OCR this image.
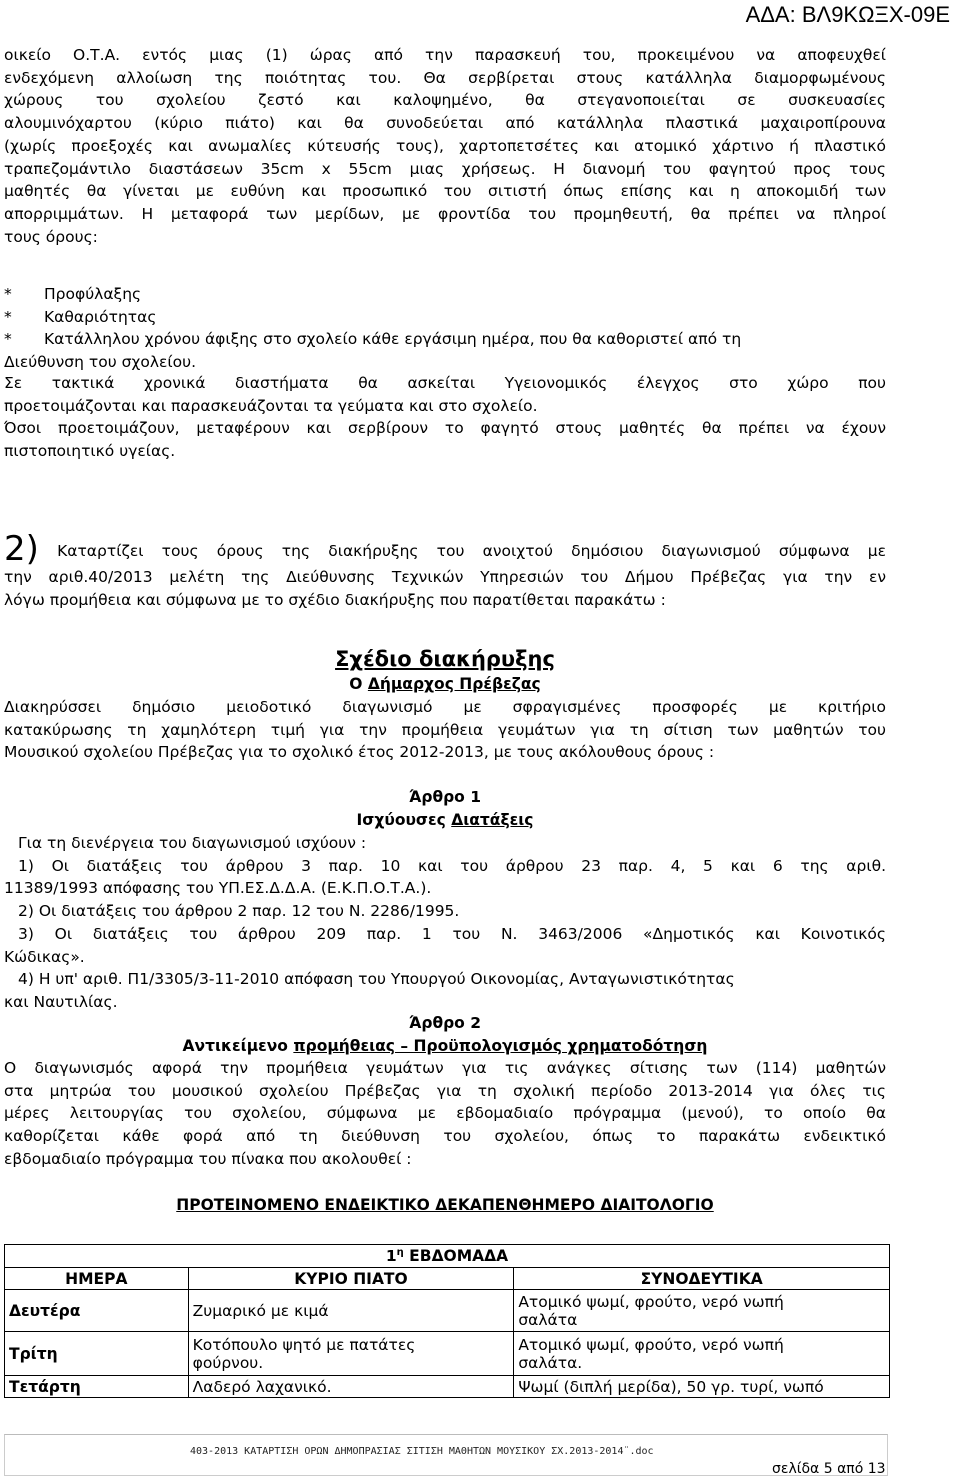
ΑΔΑ: ΒΛ9ΚΩΞΧ-09Ε
οικείο Ο.Τ.Α. εντός μιας (1) ώρας από την παρασκευή του, προκειμένου να αποφευχθεί
ενδεχόμενη αλλοίωση της ποιότητας του. Θα σερβίρεται στους κατάλληλα διαμορφωμένους
χώρους του σχολείου ζεστό και καλοψημένο, θα στεγανοποιείται σε συσκευασίες
αλουμινόχαρτου (κύριο πιάτο) και θα συνοδεύεται από κατάλληλα πλαστικά μαχαιροπίρουνα
(χωρίς προεξοχές και ανωμαλίες κύτευσής τους), χαρτοπετσέτες και ατομικό χάρτινο ή πλαστικό
τραπεζομάντιλο διαστάσεων 35cm x 55cm μιας χρήσεως. Η διανομή του φαγητού προς τους
μαθητές θα γίνεται με ευθύνη και προσωπικό του σιτιστή όπως επίσης και η αποκομιδή των
απορριμμάτων. Η μεταφορά των μερίδων, με φροντίδα του προμηθευτή, θα πρέπει να πληροί
τους όρους:
* Προφύλαξης
* Καθαριότητας
* Κατάλληλου χρόνου άφιξης στο σχολείο κάθε εργάσιμη ημέρα, που θα καθοριστεί από τη
Διεύθυνση του σχολείου.
Σε τακτικά χρονικά διαστήματα θα ασκείται Υγειονομικός έλεγχος στο χώρο που
προετοιμάζονται και παρασκευάζονται τα γεύματα και στο σχολείο.
Όσοι προετοιμάζουν, μεταφέρουν και σερβίρουν το φαγητό στους μαθητές θα πρέπει να έχουν
πιστοποιητικό υγείας.
2) Καταρτίζει τους όρους της διακήρυξης του ανοιχτού δημόσιου διαγωνισμού σύμφωνα με
την αριθ.40/2013 μελέτη της Διεύθυνσης Τεχνικών Υπηρεσιών του Δήμου Πρέβεζας για την εν
λόγω προμήθεια και σύμφωνα με το σχέδιο διακήρυξης που παρατίθεται παρακάτω :
Σχέδιο διακήρυξης
Ο Δήμαρχος Πρέβεζας
Διακηρύσσει δημόσιο μειοδοτικό διαγωνισμό με σφραγισμένες προσφορές με κριτήριο
κατακύρωσης τη χαμηλότερη τιμή για την προμήθεια γευμάτων για τη σίτιση των μαθητών του
Μουσικού σχολείου Πρέβεζας για το σχολικό έτος 2012-2013, με τους ακόλουθους όρους :
Άρθρο 1
Ισχύουσες Διατάξεις
Για τη διενέργεια του διαγωνισμού ισχύουν :
1) Οι διατάξεις του άρθρου 3 παρ. 10 και του άρθρου 23 παρ. 4, 5 και 6 της αριθ.
11389/1993 απόφασης του ΥΠ.ΕΣ.Δ.Δ.Α. (Ε.Κ.Π.Ο.Τ.Α.).
2) Οι διατάξεις του άρθρου 2 παρ. 12 του Ν. 2286/1995.
3) Οι διατάξεις του άρθρου 209 παρ. 1 του Ν. 3463/2006 «Δημοτικός και Κοινοτικός
Κώδικας».
4) Η υπ' αριθ. Π1/3305/3-11-2010 απόφαση του Υπουργού Οικονομίας, Ανταγωνιστικότητας
και Ναυτιλίας.
Άρθρο 2
Αντικείμενο προμήθειας – Προϋπολογισμός χρηματοδότηση
Ο διαγωνισμός αφορά την προμήθεια γευμάτων για τις ανάγκες σίτισης των (114) μαθητών
στα μητρώα του μουσικού σχολείου Πρέβεζας για τη σχολική περίοδο 2013-2014 για όλες τις
μέρες λειτουργίας του σχολείου, σύμφωνα με εβδομαδιαίο πρόγραμμα (μενού), το οποίο θα
καθορίζεται κάθε φορά από τη διεύθυνση του σχολείου, όπως το παρακάτω ενδεικτικό
εβδομαδιαίο πρόγραμμα του πίνακα που ακολουθεί :
ΠΡΟΤΕΙΝΟΜΕΝΟ ΕΝΔΕΙΚΤΙΚΟ ΔΕΚΑΠΕΝΘΗΜΕΡΟ ΔΙΑΙΤΟΛΟΓΙΟ
$1^\eta$ ΕΒΔΟΜΑΔΑ		
ΗΜΕΡΑ	ΚΥΡΙΟ ΠΙΑΤΟ	ΣΥΝΟΔΕΥΤΙΚΑ
Δευτέρα	Ζυμαρικό με κιμά	Ατομικό ψωμί, φρούτο, νερό νωπή
σαλάτα

Τρίτη	Κοτόπουλο ψητό με πατάτες
φούρνου.	Ατομικό ψωμί, φρούτο, νερό νωπή
σαλάτα.

Τετάρτη	Λαδερό λαχανικό.	Ψωμί (διπλή μερίδα), 50 γρ. τυρί, νωπό
403-2013 ΚΑΤΑΡΤΙΣΗ ΟΡΩΝ ΔΗΜΟΠΡΑΣΙΑΣ ΣΙΤΙΣΗ ΜΑΘΗΤΩΝ ΜΟΥΣΙΚΟΥ ΣΧ.2013-2014¨.doc
σελίδα 5 από 13
